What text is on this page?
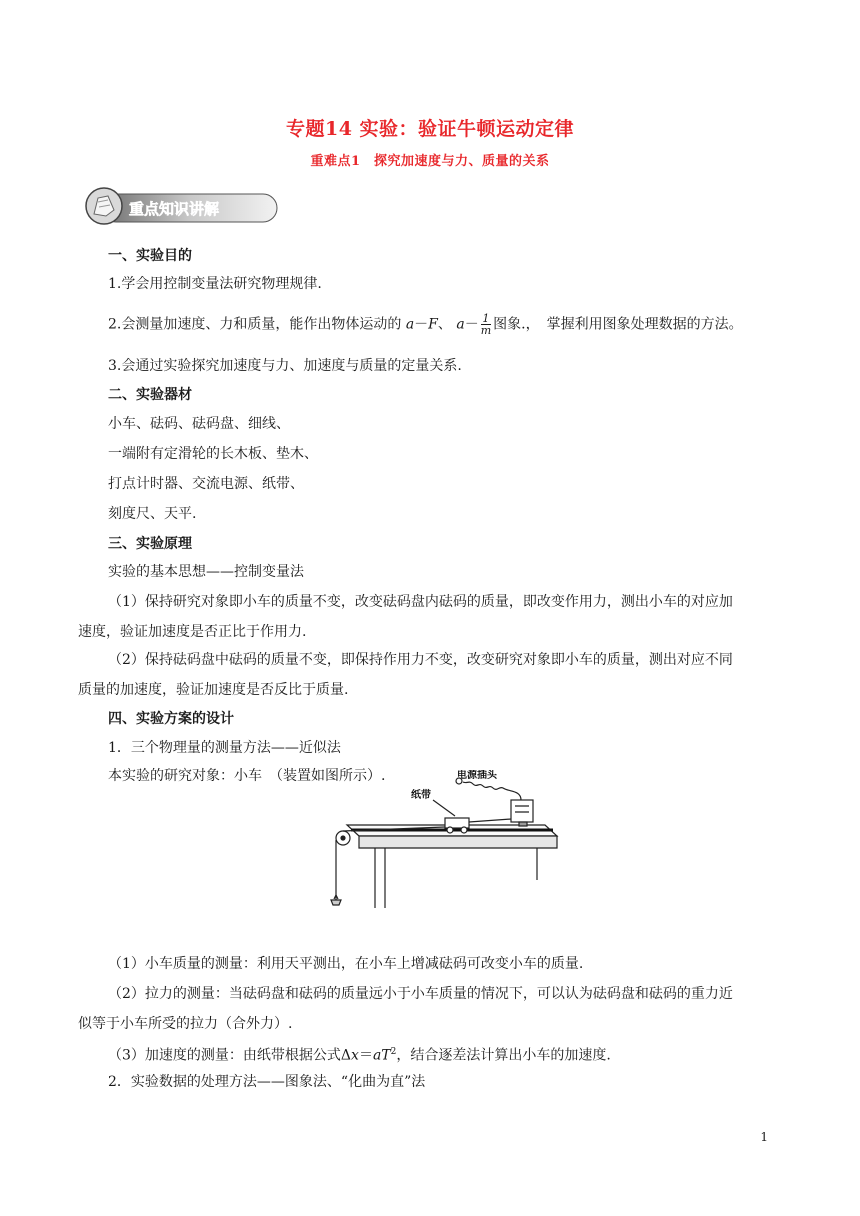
专题14 实验：验证牛顿运动定律
重难点1　探究加速度与力、质量的关系
重点知识讲解
一、实验目的
1.学会用控制变量法研究物理规律.
2.会测量加速度、力和质量，能作出物体运动的 a－F、 $a- \frac{1}{m}$ 图象.，　掌握利用图象处理数据的方法。
3.会通过实验探究加速度与力、加速度与质量的定量关系.
二、实验器材
小车、砝码、砝码盘、细线、
一端附有定滑轮的长木板、垫木、
打点计时器、交流电源、纸带、
刻度尺、天平.
三、实验原理
实验的基本思想——控制变量法
（1）保持研究对象即小车的质量不变，改变砝码盘内砝码的质量，即改变作用力，测出小车的对应加
速度，验证加速度是否正比于作用力.
（2）保持砝码盘中砝码的质量不变，即保持作用力不变，改变研究对象即小车的质量，测出对应不同
质量的加速度，验证加速度是否反比于质量.
四、实验方案的设计
1．三个物理量的测量方法——近似法
本实验的研究对象：小车　（装置如图所示）.	电源插头
纸带
（1）小车质量的测量：利用天平测出，在小车上增减砝码可改变小车的质量.
（2）拉力的测量：当砝码盘和砝码的质量远小于小车质量的情况下，可以认为砝码盘和砝码的重力近
似等于小车所受的拉力（合外力）.
（3）加速度的测量：由纸带根据公式$\Delta x=aT^2$，结合逐差法计算出小车的加速度.
2．实验数据的处理方法——图象法、“化曲为直”法
1
